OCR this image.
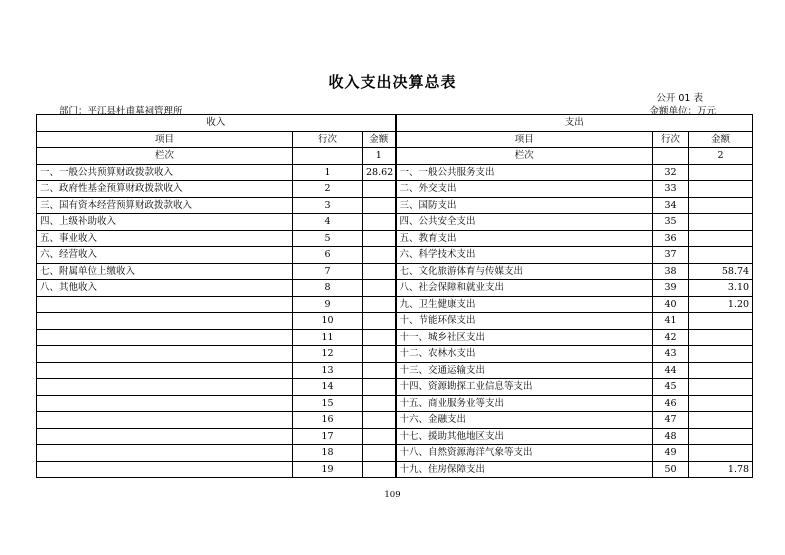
收入支出决算总表
公开 01 表
部门：平江县杜甫墓祠管理所	金额单位：万元
收入			支出		
项目	行次	金额	项目	行次	金额
栏次		1	栏次		2
一、一般公共预算财政拨款收入	1	28.62	一、一般公共服务支出	32	
二、政府性基金预算财政拨款收入	2		二、外交支出	33	
三、国有资本经营预算财政拨款收入	3		三、国防支出	34	
四、上级补助收入	4		四、公共安全支出	35	
五、事业收入	5		五、教育支出	36	
六、经营收入	6		六、科学技术支出	37	
七、附属单位上缴收入	7		七、文化旅游体育与传媒支出	38	58.74
八、其他收入	8		八、社会保障和就业支出	39	3.10
	9		九、卫生健康支出	40	1.20
	10		十、节能环保支出	41	
	11		十一、城乡社区支出	42	
	12		十二、农林水支出	43	
	13		十三、交通运输支出	44	
	14		十四、资源勘探工业信息等支出	45	
	15		十五、商业服务业等支出	46	
	16		十六、金融支出	47	
	17		十七、援助其他地区支出	48	
	18		十八、自然资源海洋气象等支出	49	
	19		十九、住房保障支出	50	1.78
109
